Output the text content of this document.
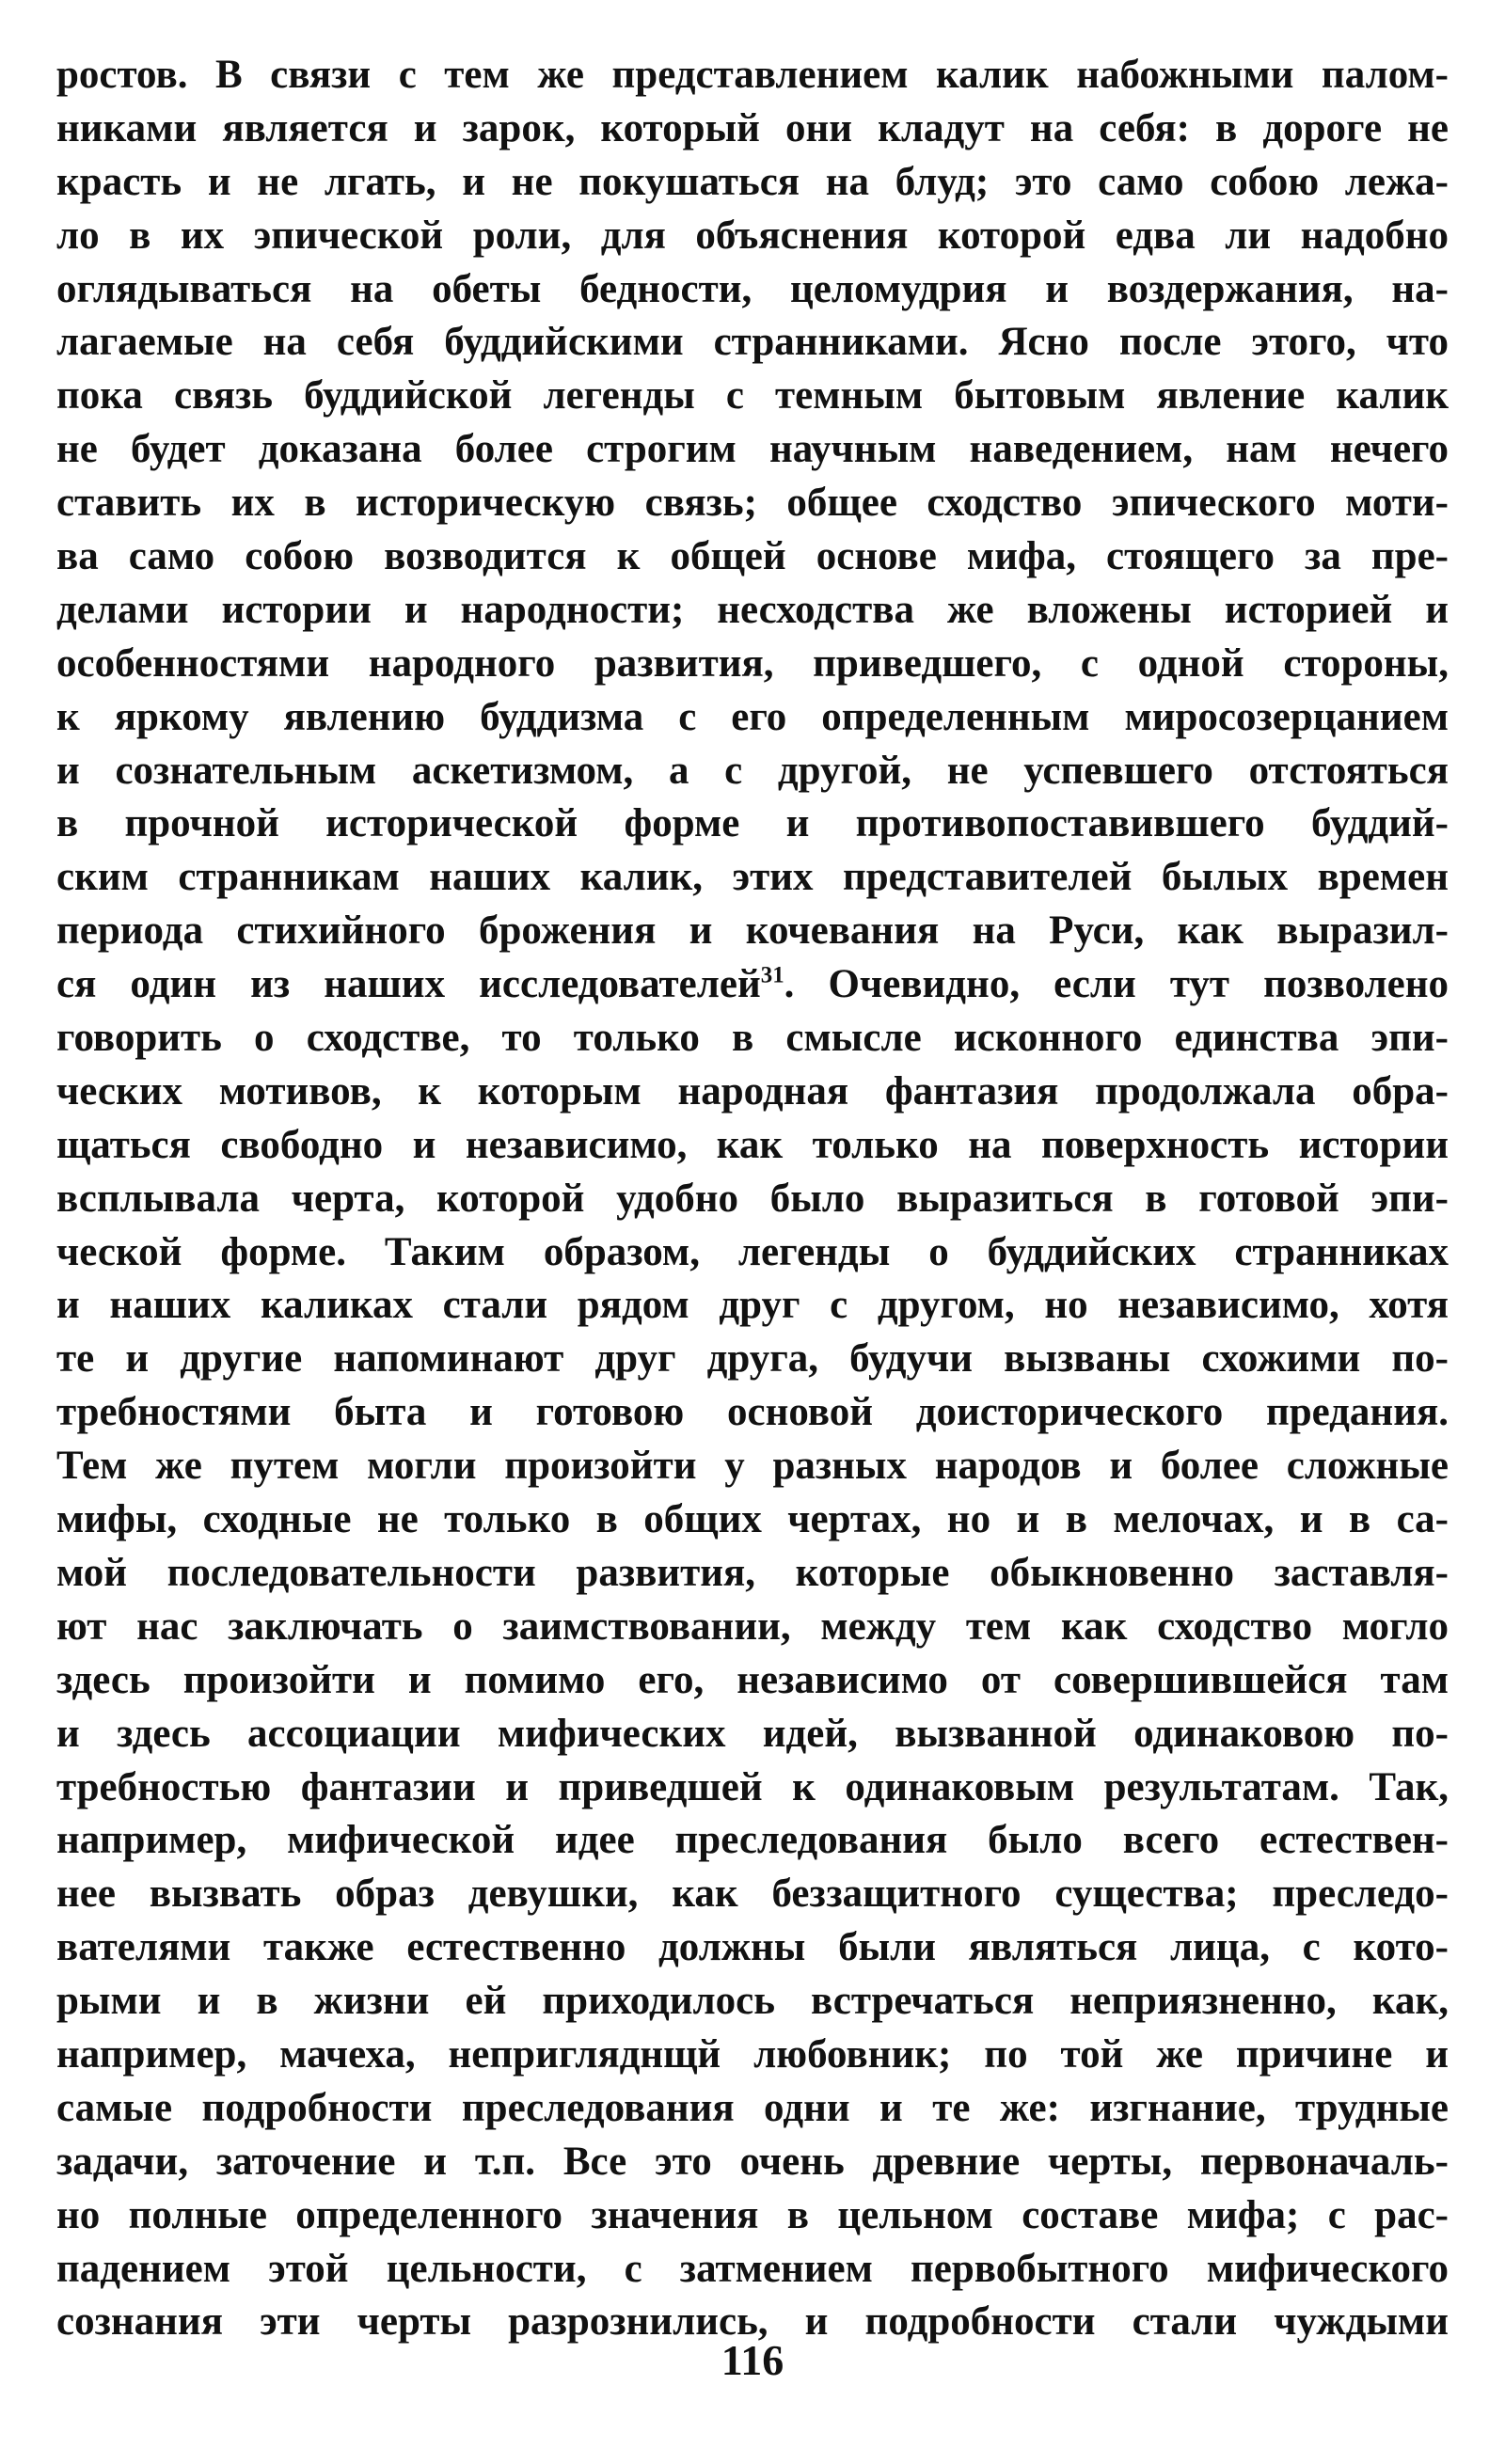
ростов. В связи с тем же представлением калик набожными палом-
никами является и зарок, который они кладут на себя: в дороге не
красть и не лгать, и не покушаться на блуд; это само собою лежа-
ло в их эпической роли, для объяснения которой едва ли надобно
оглядываться на обеты бедности, целомудрия и воздержания, на-
лагаемые на себя буддийскими странниками. Ясно после этого, что
пока связь буддийской легенды с темным бытовым явление калик
не будет доказана более строгим научным наведением, нам нечего
ставить их в историческую связь; общее сходство эпического моти-
ва само собою возводится к общей основе мифа, стоящего за пре-
делами истории и народности; несходства же вложены историей и
особенностями народного развития, приведшего, с одной стороны,
к яркому явлению буддизма с его определенным миросозерцанием
и сознательным аскетизмом, а с другой, не успевшего отстояться
в прочной исторической форме и противопоставившего буддий-
ским странникам наших калик, этих представителей былых времен
периода стихийного брожения и кочевания на Руси, как выразил-
ся один из наших исследователей$^{31}$. Очевидно, если тут позволено
говорить о сходстве, то только в смысле исконного единства эпи-
ческих мотивов, к которым народная фантазия продолжала обра-
щаться свободно и независимо, как только на поверхность истории
всплывала черта, которой удобно было выразиться в готовой эпи-
ческой форме. Таким образом, легенды о буддийских странниках
и наших каликах стали рядом друг с другом, но независимо, хотя
те и другие напоминают друг друга, будучи вызваны схожими по-
требностями быта и готовою основой доисторического предания.
Тем же путем могли произойти у разных народов и более сложные
мифы, сходные не только в общих чертах, но и в мелочах, и в са-
мой последовательности развития, которые обыкновенно заставля-
ют нас заключать о заимствовании, между тем как сходство могло
здесь произойти и помимо его, независимо от совершившейся там
и здесь ассоциации мифических идей, вызванной одинаковою по-
требностью фантазии и приведшей к одинаковым результатам. Так,
например, мифической идее преследования было всего естествен-
нее вызвать образ девушки, как беззащитного существа; преследо-
вателями также естественно должны были являться лица, с кото-
рыми и в жизни ей приходилось встречаться неприязненно, как,
например, мачеха, непригляднщй любовник; по той же причине и
самые подробности преследования одни и те же: изгнание, трудные
задачи, заточение и т.п. Все это очень древние черты, первоначаль-
но полные определенного значения в цельном составе мифа; с рас-
падением этой цельности, с затмением первобытного мифического
сознания эти черты разрознились, и подробности стали чуждыми
116
